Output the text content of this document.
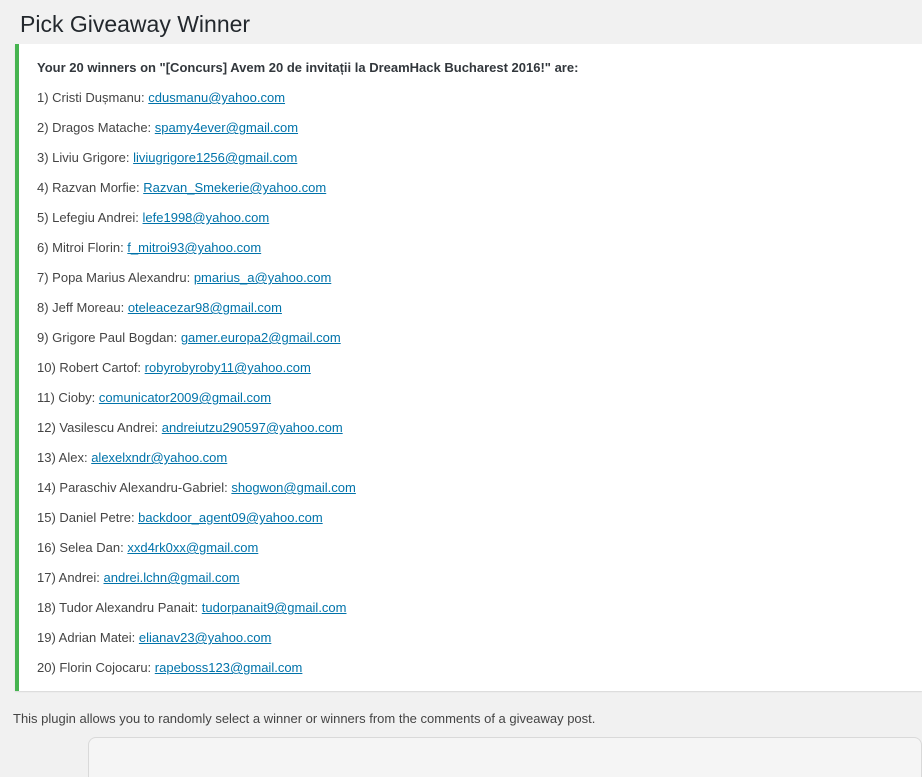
Pick Giveaway Winner

Your 20 winners on "[Concurs] Avem 20 de invitații la DreamHack Bucharest 2016!" are:

1) Cristi Dușmanu: cdusmanu@yahoo.com

2) Dragos Matache: spamy4ever@gmail.com

3) Liviu Grigore: liviugrigore1256@gmail.com

4) Razvan Morfie: Razvan_Smekerie@yahoo.com

5) Lefegiu Andrei: lefe1998@yahoo.com

6) Mitroi Florin: f_mitroi93@yahoo.com

7) Popa Marius Alexandru: pmarius_a@yahoo.com

8) Jeff Moreau: oteleacezar98@gmail.com

9) Grigore Paul Bogdan: gamer.europa2@gmail.com

10) Robert Cartof: robyrobyroby11@yahoo.com

11) Cioby: comunicator2009@gmail.com

12) Vasilescu Andrei: andreiutzu290597@yahoo.com

13) Alex: alexelxndr@yahoo.com

14) Paraschiv Alexandru-Gabriel: shogwon@gmail.com

15) Daniel Petre: backdoor_agent09@yahoo.com

16) Selea Dan: xxd4rk0xx@gmail.com

17) Andrei: andrei.lchn@gmail.com

18) Tudor Alexandru Panait: tudorpanait9@gmail.com

19) Adrian Matei: elianav23@yahoo.com

20) Florin Cojocaru: rapeboss123@gmail.com

This plugin allows you to randomly select a winner or winners from the comments of a giveaway post.
